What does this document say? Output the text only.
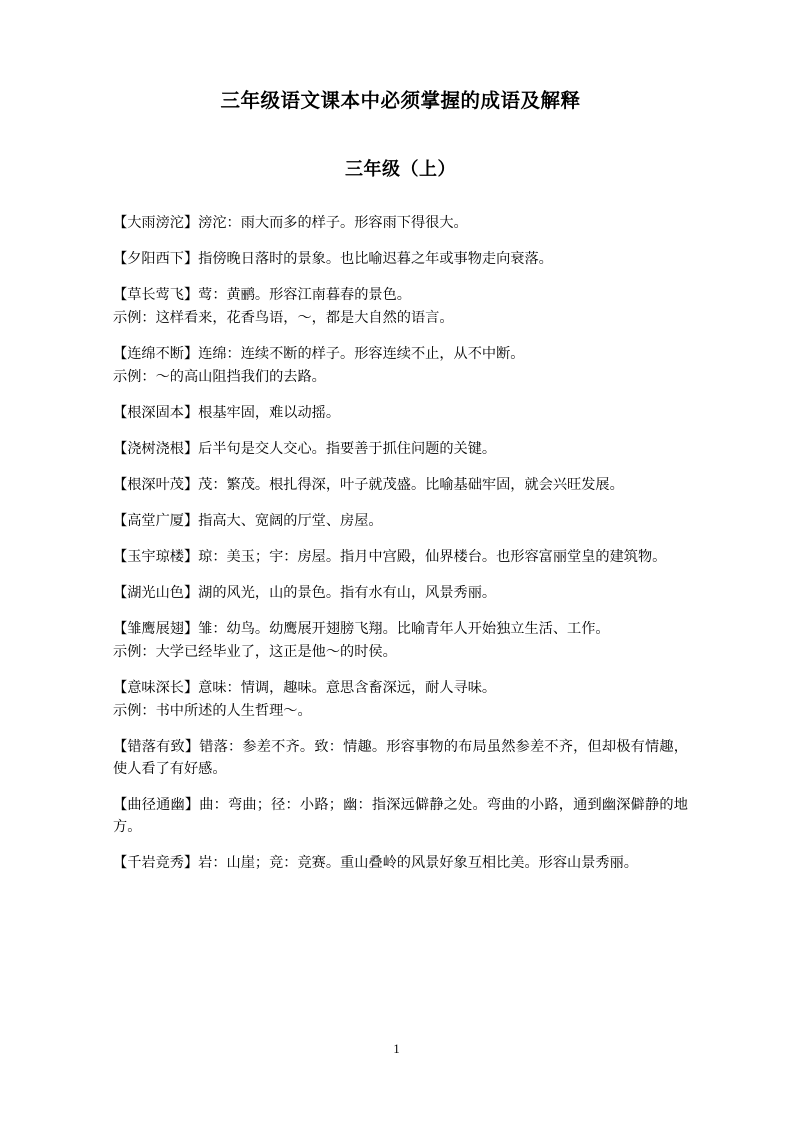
三年级语文课本中必须掌握的成语及解释
三年级（上）
【大雨滂沱】滂沱：雨大而多的样子。形容雨下得很大。
【夕阳西下】指傍晚日落时的景象。也比喻迟暮之年或事物走向衰落。
【草长莺飞】莺：黄鹂。形容江南暮春的景色。
示例：这样看来，花香鸟语，～，都是大自然的语言。
【连绵不断】连绵：连续不断的样子。形容连续不止，从不中断。
示例：～的高山阻挡我们的去路。
【根深固本】根基牢固，难以动摇。
【浇树浇根】后半句是交人交心。指要善于抓住问题的关键。
【根深叶茂】茂：繁茂。根扎得深，叶子就茂盛。比喻基础牢固，就会兴旺发展。
【高堂广厦】指高大、宽阔的厅堂、房屋。
【玉宇琼楼】琼：美玉；宇：房屋。指月中宫殿，仙界楼台。也形容富丽堂皇的建筑物。
【湖光山色】湖的风光，山的景色。指有水有山，风景秀丽。
【雏鹰展翅】雏：幼鸟。幼鹰展开翅膀飞翔。比喻青年人开始独立生活、工作。
示例：大学已经毕业了，这正是他～的时侯。
【意味深长】意味：情调，趣味。意思含畜深远，耐人寻味。
示例：书中所述的人生哲理～。
【错落有致】错落：参差不齐。致：情趣。形容事物的布局虽然参差不齐，但却极有情趣，使人看了有好感。
【曲径通幽】曲：弯曲；径：小路；幽：指深远僻静之处。弯曲的小路，通到幽深僻静的地方。
【千岩竞秀】岩：山崖；竞：竞赛。重山叠岭的风景好象互相比美。形容山景秀丽。
1
